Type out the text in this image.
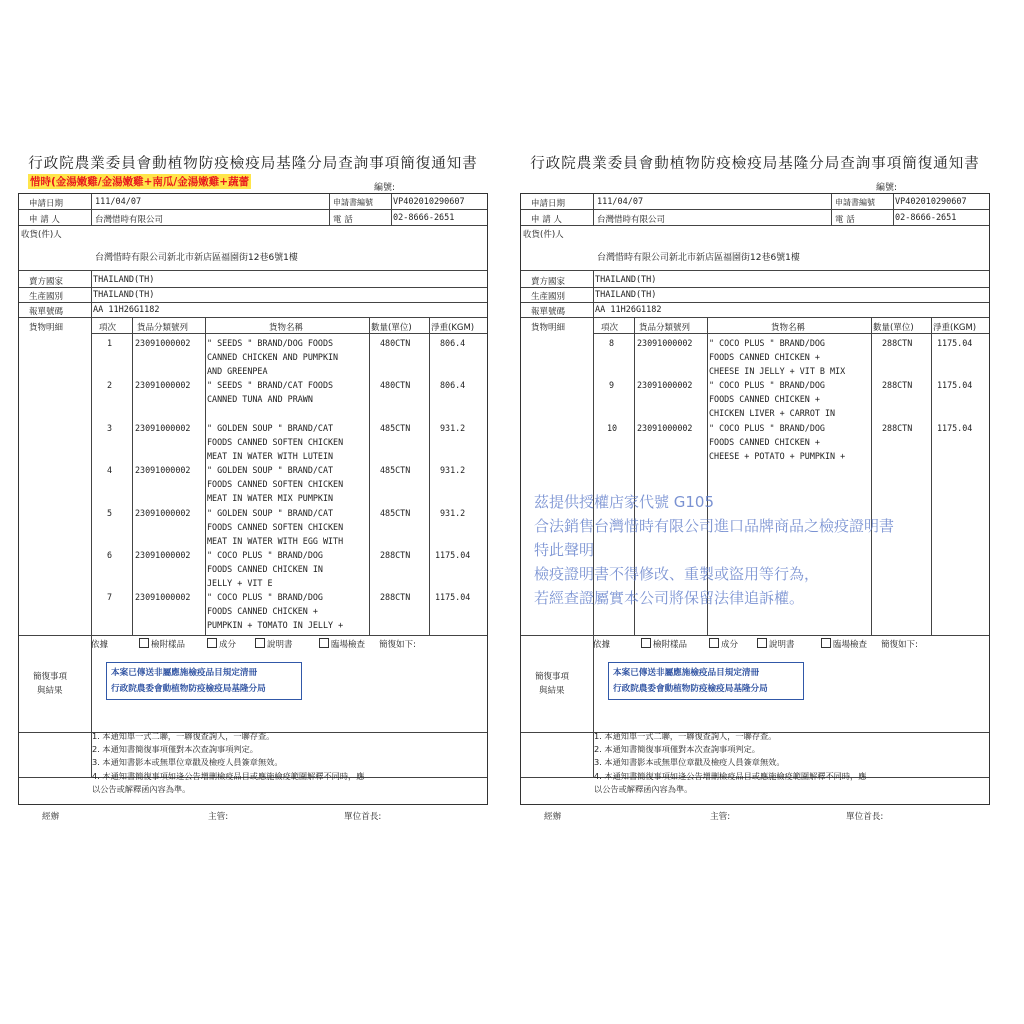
行政院農業委員會動植物防疫檢疫局基隆分局查詢事項簡復通知書
惜時(金湯嫩雞/金湯嫩雞+南瓜/金湯嫩雞+蔬蕾	編號:
申請日期	111/04/07	申請書編號 VP402010290607
申 請 人	台灣惜時有限公司	電 話	02-8666-2651
收貨(件)人
台灣惜時有限公司新北市新店區福園街12巷6號1樓
賣方國家	THAILAND(TH)
生產國別	THAILAND(TH)
報單號碼	AA 11H26G1182
貨物明細	項次 貨品分類號列	貨物名稱	數量(單位) 淨重(KGM)
1	23091000002 " SEEDS " BRAND/DOG FOODS
CANNED CHICKEN AND PUMPKIN
AND GREENPEA
480CTN	806.4
2	23091000002 " SEEDS " BRAND/CAT FOODS
CANNED TUNA AND PRAWN
480CTN	806.4
3	23091000002 " GOLDEN SOUP " BRAND/CAT
FOODS CANNED SOFTEN CHICKEN
MEAT IN WATER WITH LUTEIN
485CTN	931.2
4	23091000002 " GOLDEN SOUP " BRAND/CAT
FOODS CANNED SOFTEN CHICKEN
MEAT IN WATER MIX PUMPKIN
485CTN	931.2
5	23091000002 " GOLDEN SOUP " BRAND/CAT
FOODS CANNED SOFTEN CHICKEN
MEAT IN WATER WITH EGG WITH
485CTN	931.2
6	23091000002 " COCO PLUS " BRAND/DOG
FOODS CANNED CHICKEN IN
JELLY + VIT E
288CTN	1175.04
7	23091000002 " COCO PLUS " BRAND/DOG
FOODS CANNED CHICKEN +
PUMPKIN + TOMATO IN JELLY +
288CTN	1175.04
依據	檢附樣品	成分	說明書	臨場檢查 簡復如下:
簡復事項
與結果
本案已傳送非屬應施檢疫品目規定清冊
行政院農委會動植物防疫檢疫局基隆分局
1. 本通知單一式二聯，一聯復查詢人，一聯存查。
2. 本通知書簡復事項僅對本次查詢事項判定。
3. 本通知書影本或無單位章戳及檢疫人員簽章無效。
4. 本通知書簡復事項如逢公告增刪檢疫品目或應施檢疫範圍解釋不同時，應
以公告或解釋函內容為準。
經辦	主管:	單位首長:
行政院農業委員會動植物防疫檢疫局基隆分局查詢事項簡復通知書
編號:
申請日期	111/04/07	申請書編號 VP402010290607
申 請 人	台灣惜時有限公司	電 話	02-8666-2651
收貨(件)人
台灣惜時有限公司新北市新店區福園街12巷6號1樓
賣方國家	THAILAND(TH)
生產國別	THAILAND(TH)
報單號碼	AA 11H26G1182
貨物明細	項次 貨品分類號列	貨物名稱	數量(單位) 淨重(KGM)
8	23091000002 " COCO PLUS " BRAND/DOG
FOODS CANNED CHICKEN +
CHEESE IN JELLY + VIT B MIX
288CTN	1175.04
9	23091000002 " COCO PLUS " BRAND/DOG
FOODS CANNED CHICKEN +
CHICKEN LIVER + CARROT IN
288CTN	1175.04
10 23091000002 " COCO PLUS " BRAND/DOG
FOODS CANNED CHICKEN +
CHEESE + POTATO + PUMPKIN +
288CTN	1175.04
依據	檢附樣品	成分	說明書	臨場檢查 簡復如下:
簡復事項
與結果
茲提供授權店家代號 G105
合法銷售台灣惜時有限公司進口品牌商品之檢疫證明書
特此聲明
檢疫證明書不得修改、重製或盜用等行為，
若經查證屬實本公司將保留法律追訴權。
本案已傳送非屬應施檢疫品目規定清冊
行政院農委會動植物防疫檢疫局基隆分局
1. 本通知單一式二聯，一聯復查詢人，一聯存查。
2. 本通知書簡復事項僅對本次查詢事項判定。
3. 本通知書影本或無單位章戳及檢疫人員簽章無效。
4. 本通知書簡復事項如逢公告增刪檢疫品目或應施檢疫範圍解釋不同時，應
以公告或解釋函內容為準。
經辦	主管:	單位首長:
